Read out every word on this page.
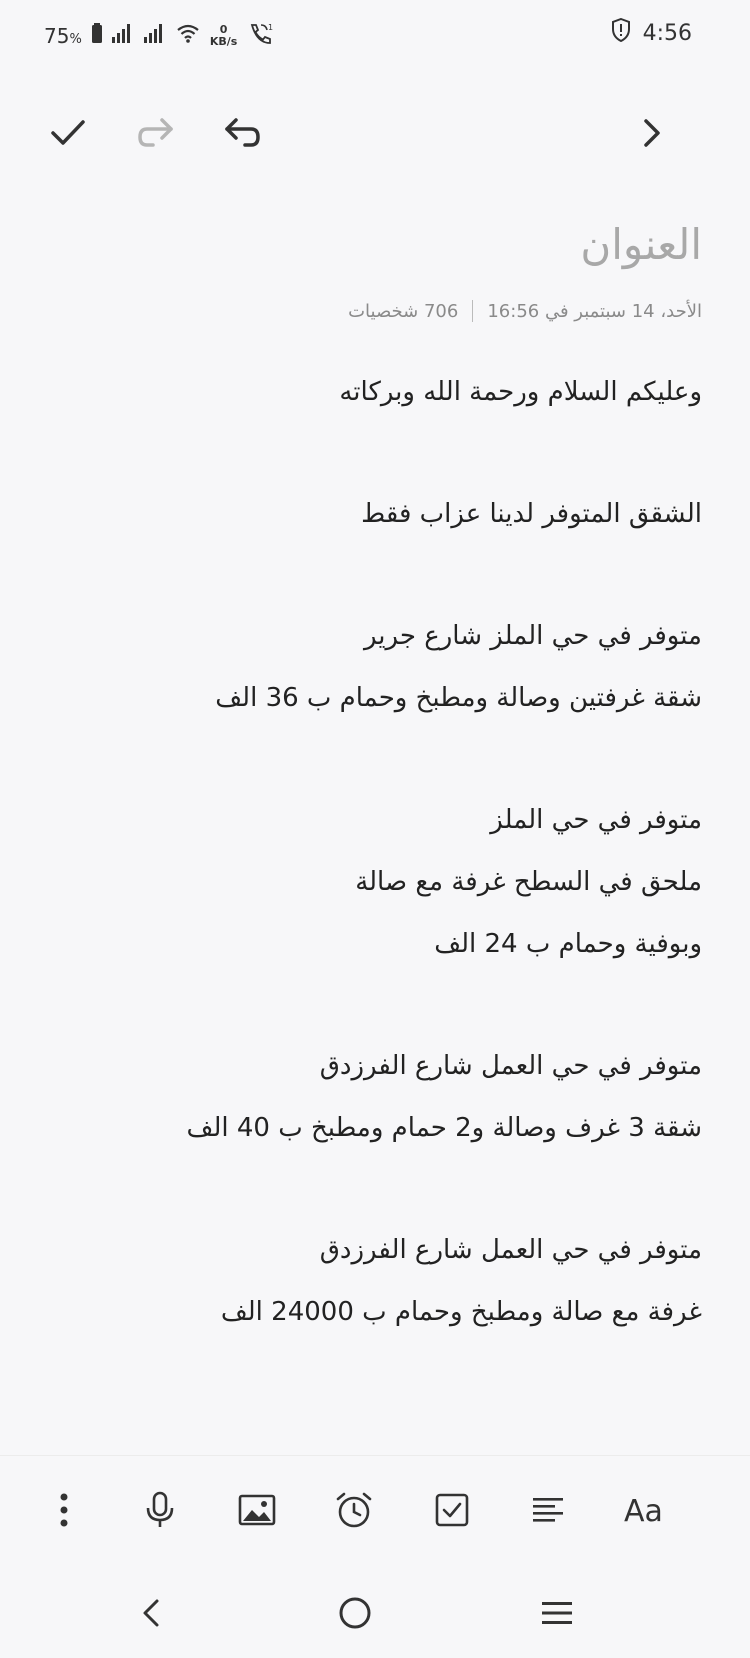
75%
0
KB/s
1	4:56
العنوان
الأحد، 14 سبتمبر في 16:56
706 شخصيات
وعليكم السلام ورحمة الله وبركاته
الشقق المتوفر لدينا عزاب فقط
متوفر في حي الملز شارع جرير
شقة غرفتين وصالة ومطبخ وحمام ب 36 الف
متوفر في حي الملز
ملحق في السطح غرفة مع صالة
وبوفية وحمام ب 24 الف
متوفر في حي العمل شارع الفرزدق
شقة 3 غرف وصالة و2 حمام ومطبخ ب 40 الف
متوفر في حي العمل شارع الفرزدق
غرفة مع صالة ومطبخ وحمام ب 24000 الف
Aa
